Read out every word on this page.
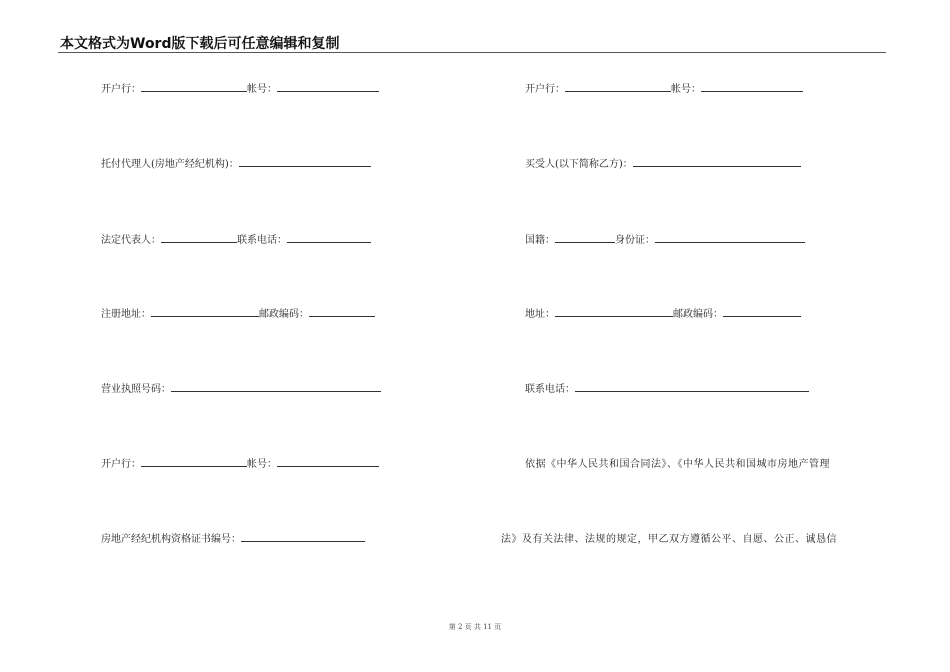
本文格式为Word版下载后可任意编辑和复制
开户行：	帐号：
托付代理人(房地产经纪机构)：
法定代表人：	联系电话：
注册地址：	邮政编码：
营业执照号码：
开户行：	帐号：
房地产经纪机构资格证书编号：
开户行：	帐号：
买受人(以下简称乙方)：
国籍：	身份证：
地址：	邮政编码：
联系电话：
依据《中华人民共和国合同法》、《中华人民共和国城市房地产管理
法》及有关法律、法规的规定，甲乙双方遵循公平、自愿、公正、诚恳信
第 2 页 共 11 页
